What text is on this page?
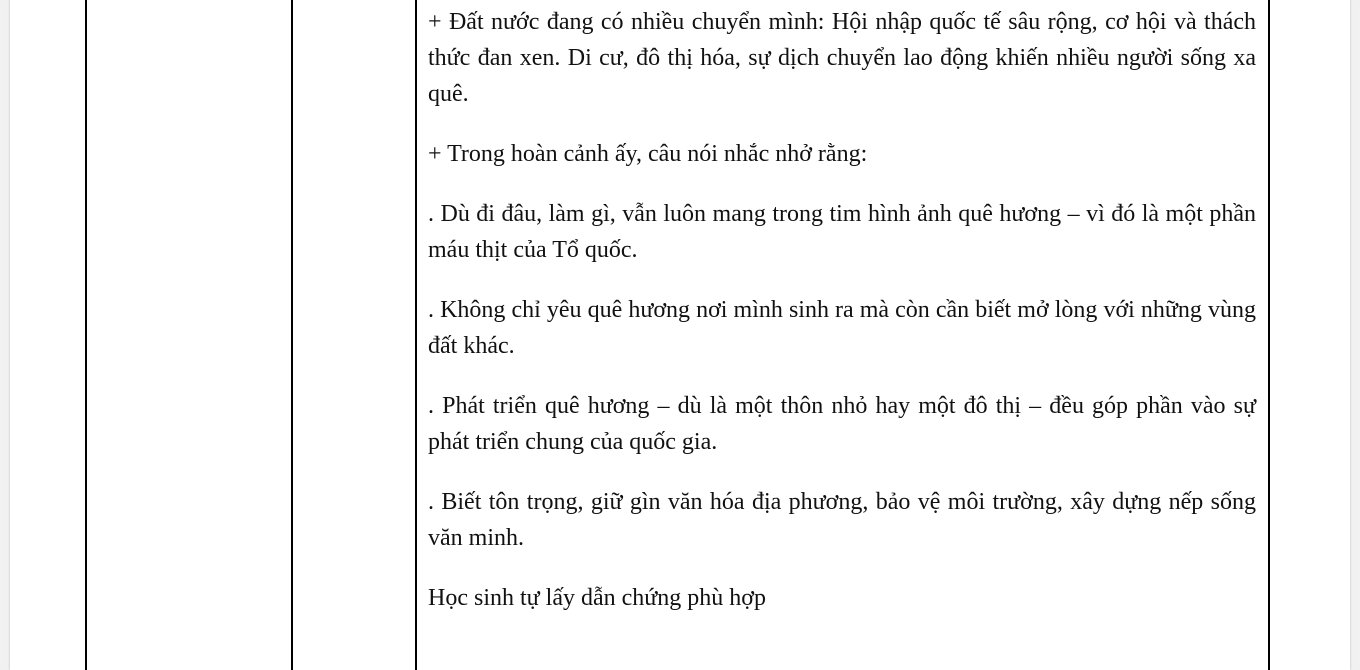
+ Đất nước đang có nhiều chuyển mình: Hội nhập quốc tế sâu rộng, cơ hội và thách thức đan xen. Di cư, đô thị hóa, sự dịch chuyển lao động khiến nhiều người sống xa quê.

+ Trong hoàn cảnh ấy, câu nói nhắc nhở rằng:

. Dù đi đâu, làm gì, vẫn luôn mang trong tim hình ảnh quê hương – vì đó là một phần máu thịt của Tổ quốc.

. Không chỉ yêu quê hương nơi mình sinh ra mà còn cần biết mở lòng với những vùng đất khác.

. Phát triển quê hương – dù là một thôn nhỏ hay một đô thị – đều góp phần vào sự phát triển chung của quốc gia.

. Biết tôn trọng, giữ gìn văn hóa địa phương, bảo vệ môi trường, xây dựng nếp sống văn minh.

Học sinh tự lấy dẫn chứng phù hợp
